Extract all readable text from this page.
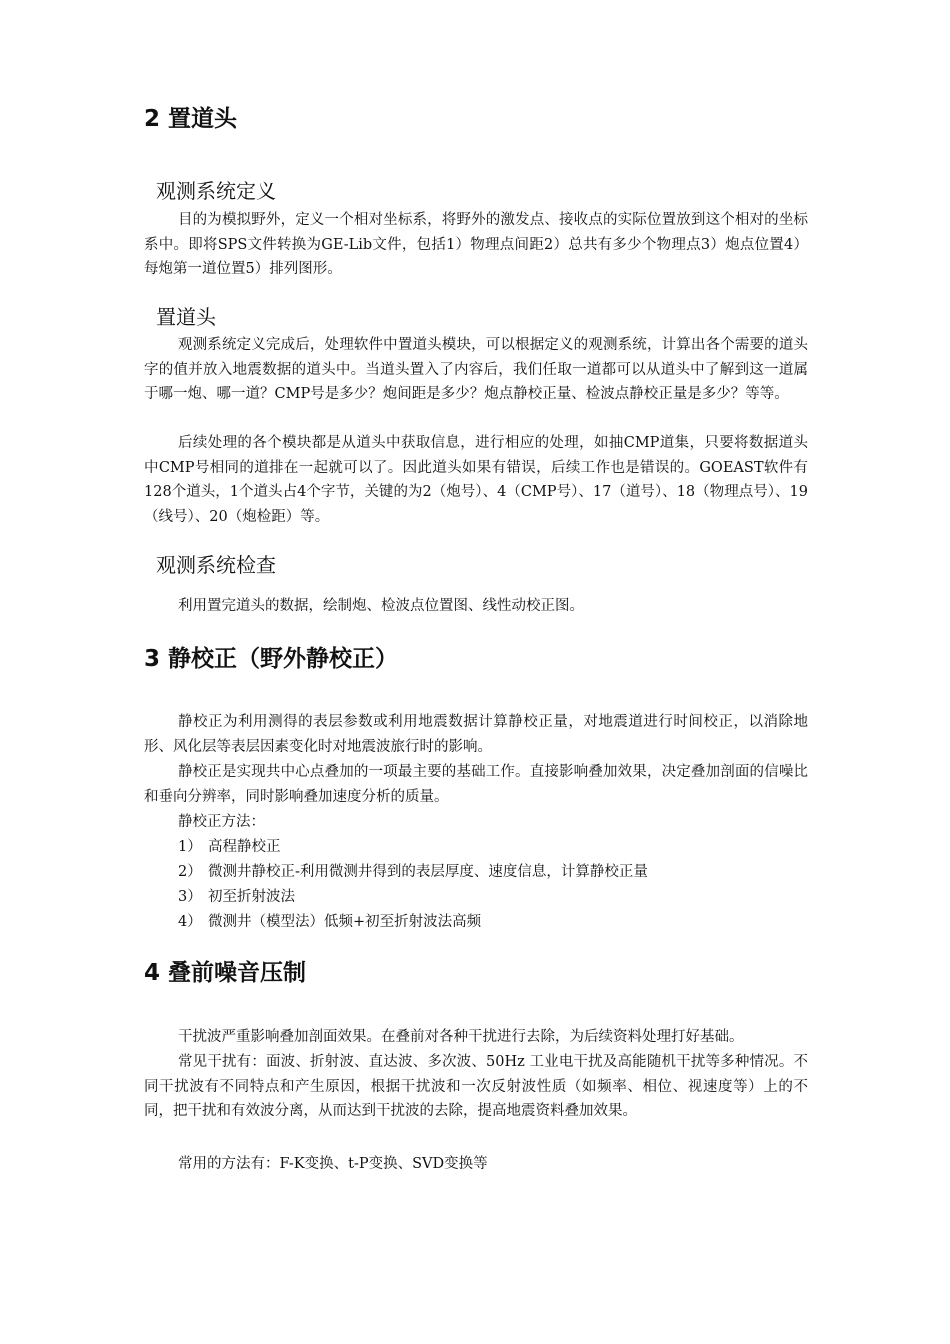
2 置道头
观测系统定义

目的为模拟野外，定义一个相对坐标系，将野外的激发点、接收点的实际位置放到这个相对的坐标系中。即将SPS文件转换为GE-Lib文件，包括1）物理点间距2）总共有多少个物理点3）炮点位置4）每炮第一道位置5）排列图形。

置道头

观测系统定义完成后，处理软件中置道头模块，可以根据定义的观测系统，计算出各个需要的道头字的值并放入地震数据的道头中。当道头置入了内容后，我们任取一道都可以从道头中了解到这一道属于哪一炮、哪一道？CMP号是多少？炮间距是多少？炮点静校正量、检波点静校正量是多少？等等。

后续处理的各个模块都是从道头中获取信息，进行相应的处理，如抽CMP道集，只要将数据道头中CMP号相同的道排在一起就可以了。因此道头如果有错误，后续工作也是错误的。GOEAST软件有128个道头，1个道头占4个字节，关键的为2（炮号）、4（CMP号）、17（道号）、18（物理点号）、19（线号）、20（炮检距）等。

观测系统检查

利用置完道头的数据，绘制炮、检波点位置图、线性动校正图。

3 静校正（野外静校正）

静校正为利用测得的表层参数或利用地震数据计算静校正量，对地震道进行时间校正，以消除地形、风化层等表层因素变化时对地震波旅行时的影响。

静校正是实现共中心点叠加的一项最主要的基础工作。直接影响叠加效果，决定叠加剖面的信噪比和垂向分辨率，同时影响叠加速度分析的质量。

静校正方法：

1） 高程静校正
2） 微测井静校正-利用微测井得到的表层厚度、速度信息，计算静校正量
3） 初至折射波法
4） 微测井（模型法）低频+初至折射波法高频
4 叠前噪音压制

干扰波严重影响叠加剖面效果。在叠前对各种干扰进行去除，为后续资料处理打好基础。

常见干扰有：面波、折射波、直达波、多次波、50Hz 工业电干扰及高能随机干扰等多种情况。不同干扰波有不同特点和产生原因，根据干扰波和一次反射波性质（如频率、相位、视速度等）上的不同，把干扰和有效波分离，从而达到干扰波的去除，提高地震资料叠加效果。

常用的方法有：F-K变换、t-P变换、SVD变换等
